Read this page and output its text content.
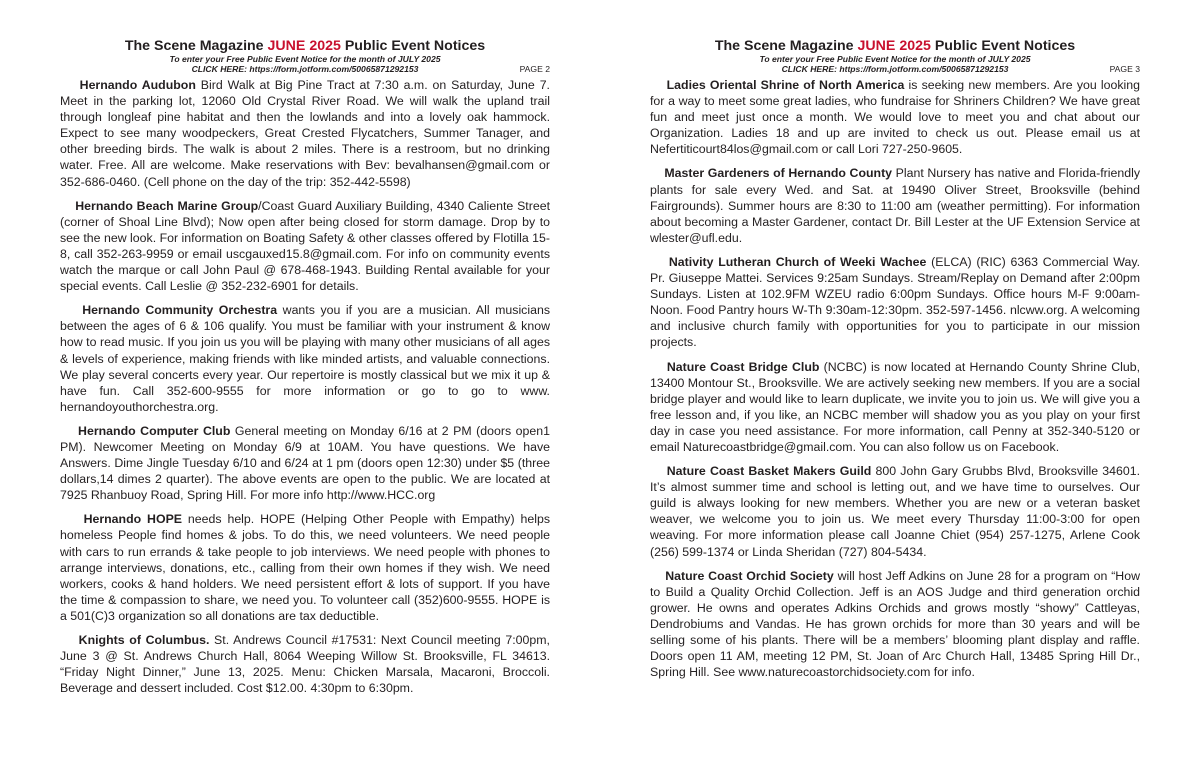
The Scene Magazine JUNE 2025 Public Event Notices
To enter your Free Public Event Notice for the month of JULY 2025
CLICK HERE: https://form.jotform.com/50065871292153	PAGE 2

Hernando Audubon Bird Walk at Big Pine Tract at 7:30 a.m. on Saturday, June 7. Meet in the parking lot, 12060 Old Crystal River Road. We will walk the upland trail through longleaf pine habitat and then the lowlands and into a lovely oak hammock. Expect to see many woodpeckers, Great Crested Flycatchers, Summer Tanager, and other breeding birds. The walk is about 2 miles. There is a restroom, but no drinking water. Free. All are welcome. Make reservations with Bev: bevalhansen@gmail.com or 352-686-0460. (Cell phone on the day of the trip: 352-442-5598)

Hernando Beach Marine Group/Coast Guard Auxiliary Building, 4340 Caliente Street (corner of Shoal Line Blvd); Now open after being closed for storm damage. Drop by to see the new look. For information on Boating Safety & other classes offered by Flotilla 15-8, call 352-263-9959 or email uscgauxed15.8@gmail.com. For info on community events watch the marque or call John Paul @ 678-468-1943. Building Rental available for your special events. Call Leslie @ 352-232-6901 for details.

Hernando Community Orchestra wants you if you are a musician. All musicians between the ages of 6 & 106 qualify. You must be familiar with your instrument & know how to read music. If you join us you will be playing with many other musicians of all ages & levels of experience, making friends with like minded artists, and valuable connections. We play several concerts every year. Our repertoire is mostly classical but we mix it up & have fun. Call 352-600-9555 for more information or go to go to www. hernandoyouthorchestra.org.

Hernando Computer Club General meeting on Monday 6/16 at 2 PM (doors open1 PM). Newcomer Meeting on Monday 6/9 at 10AM. You have questions. We have Answers. Dime Jingle Tuesday 6/10 and 6/24 at 1 pm (doors open 12:30) under $5 (three dollars,14 dimes 2 quarter). The above events are open to the public. We are located at 7925 Rhanbuoy Road, Spring Hill. For more info http://www.HCC.org

Hernando HOPE needs help. HOPE (Helping Other People with Empathy) helps homeless People find homes & jobs. To do this, we need volunteers. We need people with cars to run errands & take people to job interviews. We need people with phones to arrange interviews, donations, etc., calling from their own homes if they wish. We need workers, cooks & hand holders. We need persistent effort & lots of support. If you have the time & compassion to share, we need you. To volunteer call (352)600-9555. HOPE is a 501(C)3 organization so all donations are tax deductible.

Knights of Columbus. St. Andrews Council #17531: Next Council meeting 7:00pm, June 3 @ St. Andrews Church Hall, 8064 Weeping Willow St. Brooksville, FL 34613. “Friday Night Dinner,” June 13, 2025. Menu: Chicken Marsala, Macaroni, Broccoli. Beverage and dessert included. Cost $12.00. 4:30pm to 6:30pm.

The Scene Magazine JUNE 2025 Public Event Notices
To enter your Free Public Event Notice for the month of JULY 2025
CLICK HERE: https://form.jotform.com/50065871292153	PAGE 3

Ladies Oriental Shrine of North America is seeking new members. Are you looking for a way to meet some great ladies, who fundraise for Shriners Children? We have great fun and meet just once a month. We would love to meet you and chat about our Organization. Ladies 18 and up are invited to check us out. Please email us at Nefertiticourt84los@gmail.com or call Lori 727-250-9605.

Master Gardeners of Hernando County Plant Nursery has native and Florida-friendly plants for sale every Wed. and Sat. at 19490 Oliver Street, Brooksville (behind Fairgrounds). Summer hours are 8:30 to 11:00 am (weather permitting). For information about becoming a Master Gardener, contact Dr. Bill Lester at the UF Extension Service at wlester@ufl.edu.

Nativity Lutheran Church of Weeki Wachee (ELCA) (RIC) 6363 Commercial Way. Pr. Giuseppe Mattei. Services 9:25am Sundays. Stream/Replay on Demand after 2:00pm Sundays. Listen at 102.9FM WZEU radio 6:00pm Sundays. Office hours M-F 9:00am-Noon. Food Pantry hours W-Th 9:30am-12:30pm. 352-597-1456. nlcww.org. A welcoming and inclusive church family with opportunities for you to participate in our mission projects.

Nature Coast Bridge Club (NCBC) is now located at Hernando County Shrine Club, 13400 Montour St., Brooksville. We are actively seeking new members. If you are a social bridge player and would like to learn duplicate, we invite you to join us. We will give you a free lesson and, if you like, an NCBC member will shadow you as you play on your first day in case you need assistance. For more information, call Penny at 352-340-5120 or email Naturecoastbridge@gmail.com. You can also follow us on Facebook.

Nature Coast Basket Makers Guild 800 John Gary Grubbs Blvd, Brooksville 34601. It’s almost summer time and school is letting out, and we have time to ourselves. Our guild is always looking for new members. Whether you are new or a veteran basket weaver, we welcome you to join us. We meet every Thursday 11:00-3:00 for open weaving. For more information please call Joanne Chiet (954) 257-1275, Arlene Cook (256) 599-1374 or Linda Sheridan (727) 804-5434.

Nature Coast Orchid Society will host Jeff Adkins on June 28 for a program on “How to Build a Quality Orchid Collection. Jeff is an AOS Judge and third generation orchid grower. He owns and operates Adkins Orchids and grows mostly “showy” Cattleyas, Dendrobiums and Vandas. He has grown orchids for more than 30 years and will be selling some of his plants. There will be a members’ blooming plant display and raffle. Doors open 11 AM, meeting 12 PM, St. Joan of Arc Church Hall, 13485 Spring Hill Dr., Spring Hill. See www.naturecoastorchidsociety.com for info.
